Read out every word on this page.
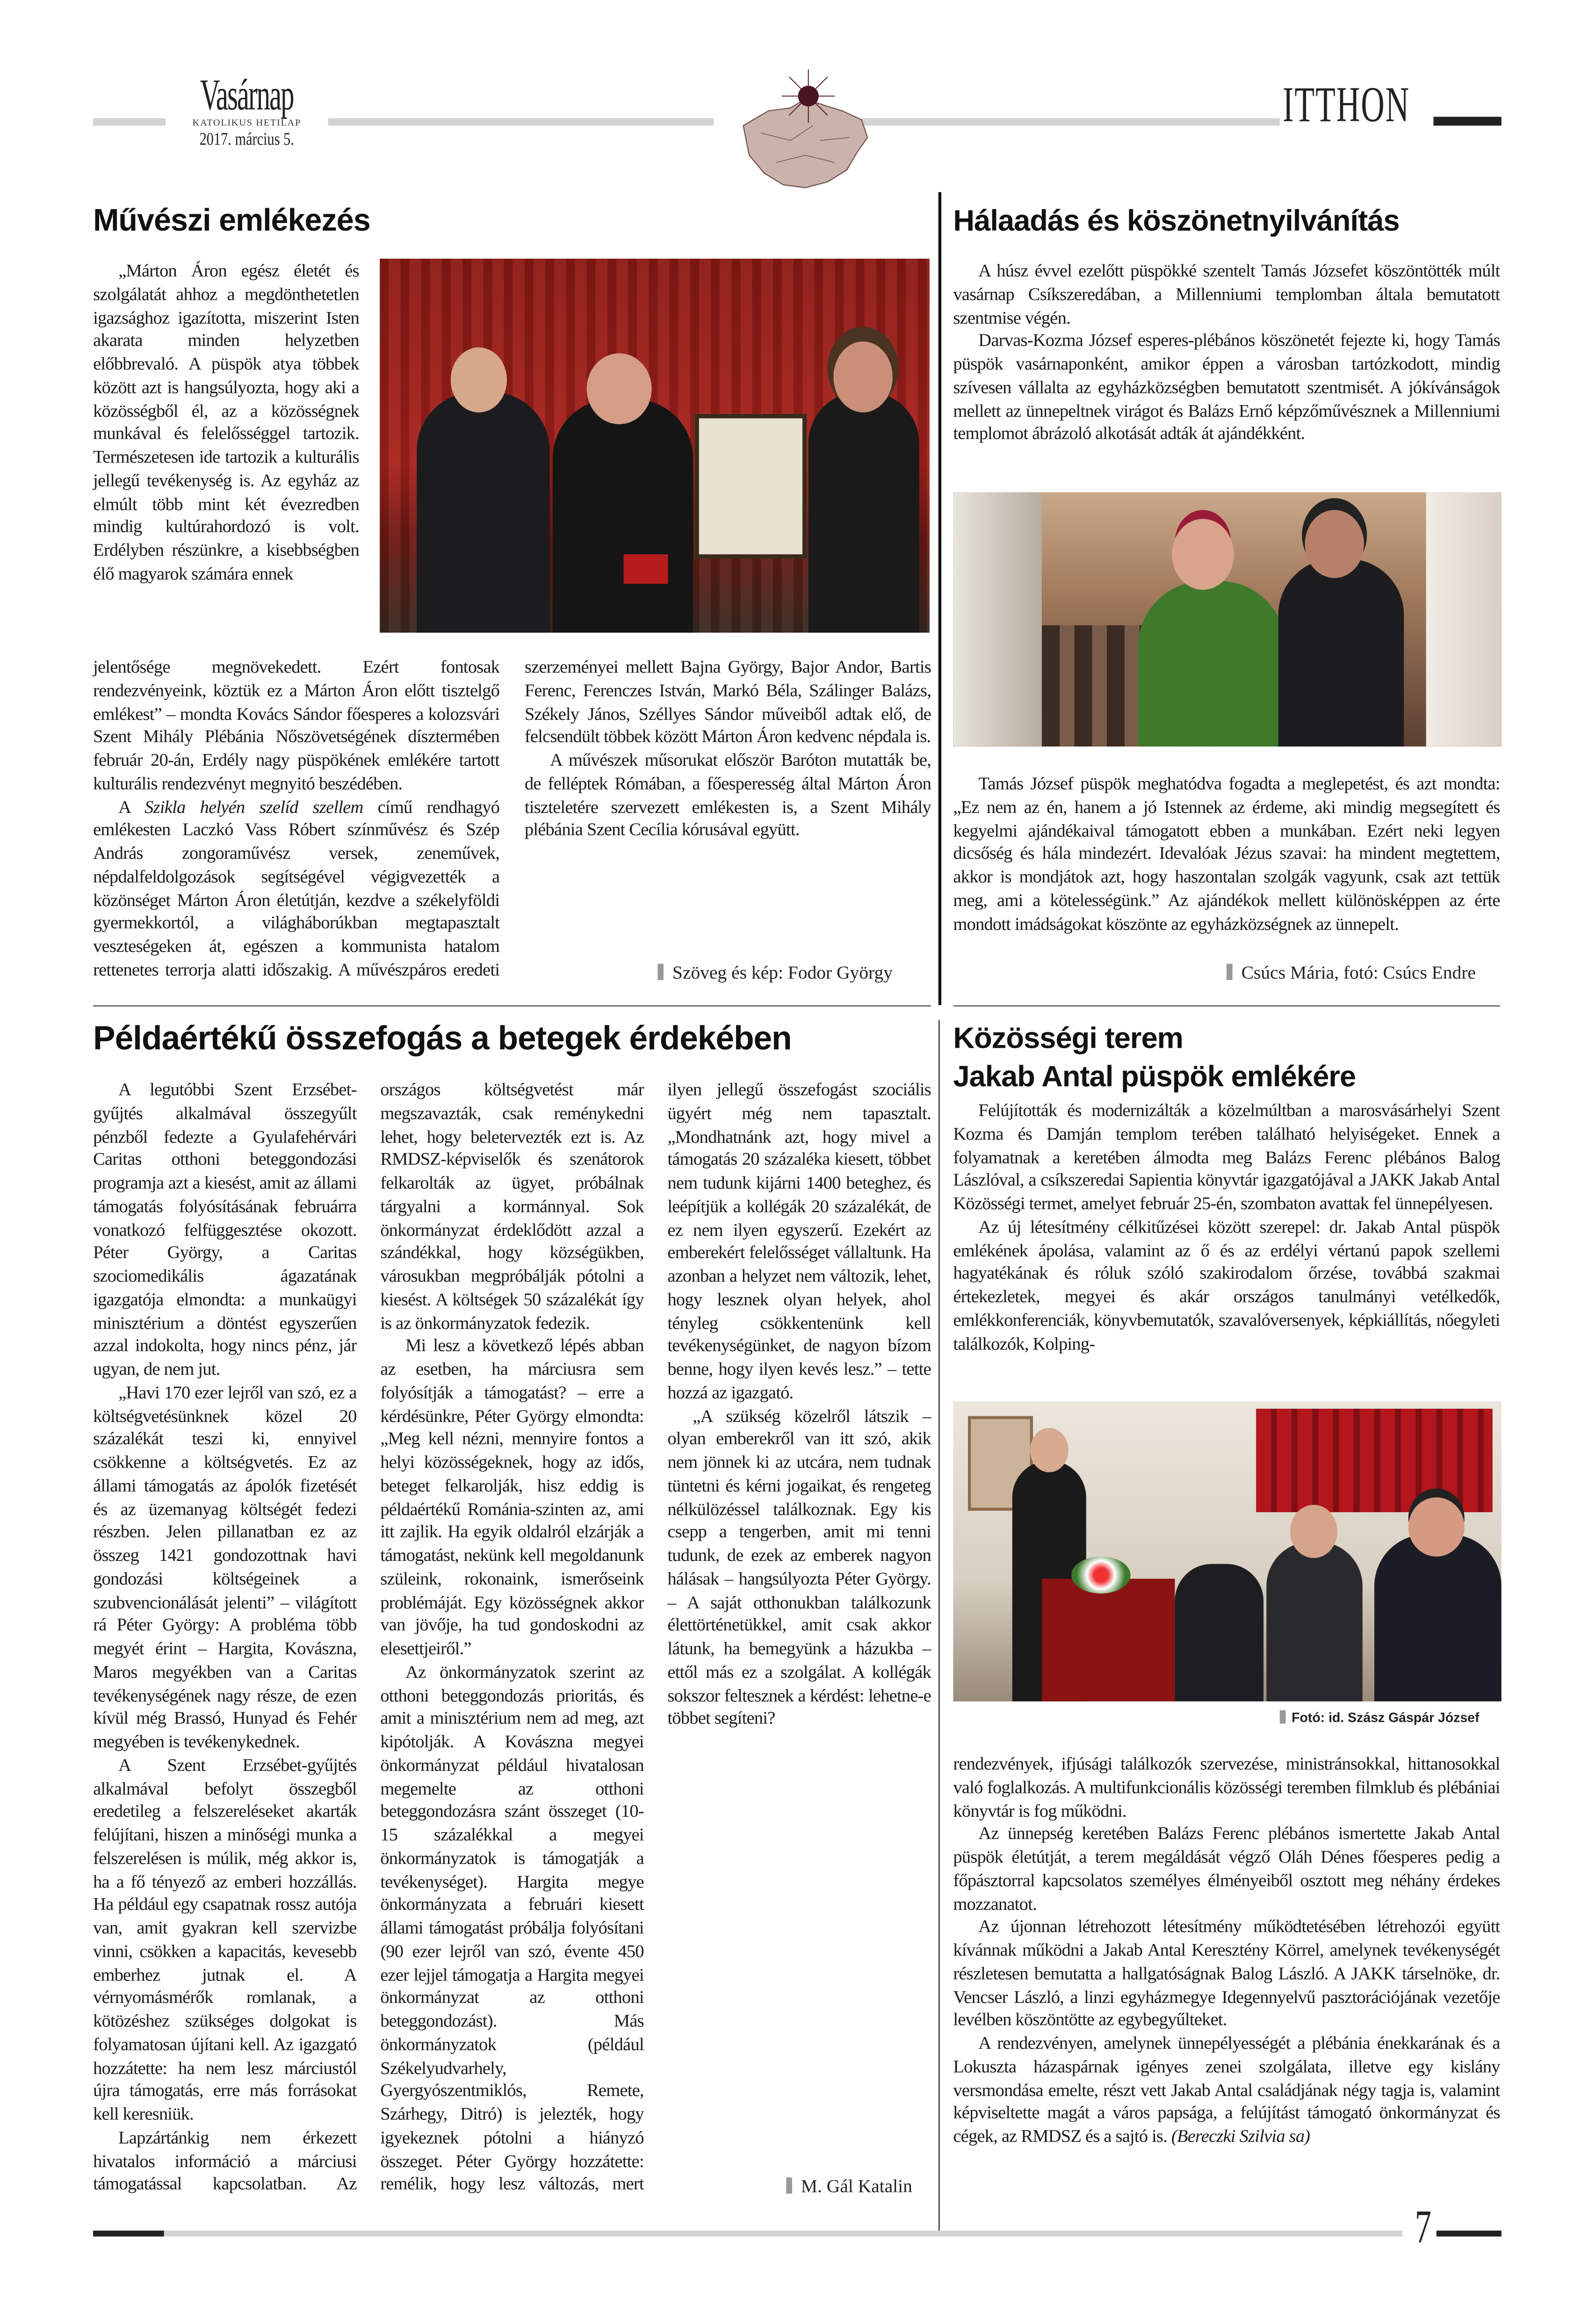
Vasárnap
KATOLIKUS HETILAP
2017. március 5.
ITTHON
Művészi emlékezés

„Márton Áron egész életét és szolgálatát ahhoz a megdönthetetlen igazsághoz igazította, miszerint Isten akarata minden helyzetben előbbrevaló. A püspök atya többek között azt is hangsúlyozta, hogy aki a közösségből él, az a közösségnek munkával és felelősséggel tartozik. Természetesen ide tartozik a kulturális jellegű tevékenység is. Az egyház az elmúlt több mint két évezredben mindig kultúrahordozó is volt. Erdélyben részünkre, a kisebbségben élő magyarok számára ennek

jelentősége megnövekedett. Ezért fontosak rendezvényeink, köztük ez a Márton Áron előtt tisztelgő emlékest” – mondta Kovács Sándor főesperes a kolozsvári Szent Mihály Plébánia Nőszövetségének dísztermében február 20-án, Erdély nagy püspökének emlékére tartott kulturális rendezvényt megnyitó beszédében.

A Szikla helyén szelíd szellem című rendhagyó emlékesten Laczkó Vass Róbert színművész és Szép András zongoraművész versek, zeneművek, népdalfeldolgozások segítségével végigvezették a közönséget Márton Áron életútján, kezdve a székelyföldi gyermekkortól, a világháborúkban megtapasztalt veszteségeken át, egészen a kommunista hatalom rettenetes terrorja alatti időszakig. A művészpáros eredeti szerzeményei mellett Bajna György, Bajor Andor, Bartis Ferenc, Ferenczes István, Markó Béla, Szálinger Balázs, Székely János, Széllyes Sándor műveiből adtak elő, de felcsendült többek között Márton Áron kedvenc népdala is.

A művészek műsorukat először Baróton mutatták be, de felléptek Rómában, a főesperesség által Márton Áron tiszteletére szervezett emlékesten is, a Szent Mihály plébánia Szent Cecília kórusával együtt.

Szöveg és kép: Fodor György
Hálaadás és köszönetnyilvánítás

A húsz évvel ezelőtt püspökké szentelt Tamás Józsefet köszöntötték múlt vasárnap Csíkszeredában, a Millenniumi templomban általa bemutatott szentmise végén.

Darvas-Kozma József esperes-plébános köszönetét fejezte ki, hogy Tamás püspök vasárnaponként, amikor éppen a városban tartózkodott, mindig szívesen vállalta az egyházközségben bemutatott szentmisét. A jókívánságok mellett az ünnepeltnek virágot és Balázs Ernő képzőművésznek a Millenniumi templomot ábrázoló alkotását adták át ajándékként.

Tamás József püspök meghatódva fogadta a meglepetést, és azt mondta: „Ez nem az én, hanem a jó Istennek az érdeme, aki mindig megsegített és kegyelmi ajándékaival támogatott ebben a munkában. Ezért neki legyen dicsőség és hála mindezért. Idevalóak Jézus szavai: ha mindent megtettem, akkor is mondjátok azt, hogy haszontalan szolgák vagyunk, csak azt tettük meg, ami a kötelességünk.” Az ajándékok mellett különösképpen az érte mondott imádságokat köszönte az egyházközségnek az ünnepelt.

Csúcs Mária, fotó: Csúcs Endre
Példaértékű összefogás a betegek érdekében

A legutóbbi Szent Erzsébet-gyűjtés alkalmával összegyűlt pénzből fedezte a Gyulafehérvári Caritas otthoni beteggondozási programja azt a kiesést, amit az állami támogatás folyósításának februárra vonatkozó felfüggesztése okozott. Péter György, a Caritas szociomedikális ágazatának igazgatója elmondta: a munkaügyi minisztérium a döntést egyszerűen azzal indokolta, hogy nincs pénz, jár ugyan, de nem jut.

„Havi 170 ezer lejről van szó, ez a költségvetésünknek közel 20 százalékát teszi ki, ennyivel csökkenne a költségvetés. Ez az állami támogatás az ápolók fizetését és az üzemanyag költségét fedezi részben. Jelen pillanatban ez az összeg 1421 gondozottnak havi gondozási költségeinek a szubvencionálását jelenti” – világított rá Péter György: A probléma több megyét érint – Hargita, Kovászna, Maros megyékben van a Caritas tevékenységének nagy része, de ezen kívül még Brassó, Hunyad és Fehér megyében is tevékenykednek.

A Szent Erzsébet-gyűjtés alkalmával befolyt összegből eredetileg a felszereléseket akarták felújítani, hiszen a minőségi munka a felszerelésen is múlik, még akkor is, ha a fő tényező az emberi hozzállás. Ha például egy csapatnak rossz autója van, amit gyakran kell szervizbe vinni, csökken a kapacitás, kevesebb emberhez jutnak el. A vérnyomásmérők romlanak, a kötözéshez szükséges dolgokat is folyamatosan újítani kell. Az igazgató hozzátette: ha nem lesz márciustól újra támogatás, erre más forrásokat kell keresniük.

Lapzártánkig nem érkezett hivatalos információ a márciusi támogatással kapcsolatban. Az országos költségvetést már megszavazták, csak reménykedni lehet, hogy beletervezték ezt is. Az RMDSZ-képviselők és szenátorok felkarolták az ügyet, próbálnak tárgyalni a kormánnyal. Sok önkormányzat érdeklődött azzal a szándékkal, hogy községükben, városukban megpróbálják pótolni a kiesést. A költségek 50 százalékát így is az önkormányzatok fedezik.

Mi lesz a következő lépés abban az esetben, ha márciusra sem folyósítják a támogatást? – erre a kérdésünkre, Péter György elmondta: „Meg kell nézni, mennyire fontos a helyi közösségeknek, hogy az idős, beteget felkarolják, hisz eddig is példaértékű Románia-szinten az, ami itt zajlik. Ha egyik oldalról elzárják a támogatást, nekünk kell megoldanunk szüleink, rokonaink, ismerőseink problémáját. Egy közösségnek akkor van jövője, ha tud gondoskodni az elesettjeiről.”

Az önkormányzatok szerint az otthoni beteggondozás prioritás, és amit a minisztérium nem ad meg, azt kipótolják. A Kovászna megyei önkormányzat például hivatalosan megemelte az otthoni beteggondozásra szánt összeget (10-15 százalékkal a megyei önkormányzatok is támogatják a tevékenységet). Hargita megye önkormányzata a februári kiesett állami támogatást próbálja folyósítani (90 ezer lejről van szó, évente 450 ezer lejjel támogatja a Hargita megyei önkormányzat az otthoni beteggondozást). Más önkormányzatok (például Székelyudvarhely, Gyergyószentmiklós, Remete, Szárhegy, Ditró) is jelezték, hogy igyekeznek pótolni a hiányzó összeget. Péter György hozzátette: remélik, hogy lesz változás, mert ilyen jellegű összefogást szociális ügyért még nem tapasztalt. „Mondhatnánk azt, hogy mivel a támogatás 20 százaléka kiesett, többet nem tudunk kijárni 1400 beteghez, és leépítjük a kollégák 20 százalékát, de ez nem ilyen egyszerű. Ezekért az emberekért felelősséget vállaltunk. Ha azonban a helyzet nem változik, lehet, hogy lesznek olyan helyek, ahol tényleg csökkentenünk kell tevékenységünket, de nagyon bízom benne, hogy ilyen kevés lesz.” – tette hozzá az igazgató.

„A szükség közelről látszik – olyan emberekről van itt szó, akik nem jönnek ki az utcára, nem tudnak tüntetni és kérni jogaikat, és rengeteg nélkülözéssel találkoznak. Egy kis csepp a tengerben, amit mi tenni tudunk, de ezek az emberek nagyon hálásak – hangsúlyozta Péter György. – A saját otthonukban találkozunk élettörténetükkel, amit csak akkor látunk, ha bemegyünk a házukba – ettől más ez a szolgálat. A kollégák sokszor feltesznek a kérdést: lehetne-e többet segíteni?

M. Gál Katalin
Közösségi terem
Jakab Antal püspök emlékére

Felújították és modernizálták a közelmúltban a marosvásárhelyi Szent Kozma és Damján templom terében található helyiségeket. Ennek a folyamatnak a keretében álmodta meg Balázs Ferenc plébános Balog Lászlóval, a csíkszeredai Sapientia könyvtár igazgatójával a JAKK Jakab Antal Közösségi termet, amelyet február 25-én, szombaton avattak fel ünnepélyesen.

Az új létesítmény célkitűzései között szerepel: dr. Jakab Antal püspök emlékének ápolása, valamint az ő és az erdélyi vértanú papok szellemi hagyatékának és róluk szóló szakirodalom őrzése, továbbá szakmai értekezletek, megyei és akár országos tanulmányi vetélkedők, emlékkonferenciák, könyvbemutatók, szavalóversenyek, képkiállítás, nőegyleti találkozók, Kolping-

Fotó: id. Szász Gáspár József

rendezvények, ifjúsági találkozók szervezése, ministránsokkal, hittanosokkal való foglalkozás. A multifunkcionális közösségi teremben filmklub és plébániai könyvtár is fog működni.

Az ünnepség keretében Balázs Ferenc plébános ismertette Jakab Antal püspök életútját, a terem megáldását végző Oláh Dénes főesperes pedig a főpásztorral kapcsolatos személyes élményeiből osztott meg néhány érdekes mozzanatot.

Az újonnan létrehozott létesítmény működtetésében létrehozói együtt kívánnak működni a Jakab Antal Keresztény Körrel, amelynek tevékenységét részletesen bemutatta a hallgatóságnak Balog László. A JAKK társelnöke, dr. Vencser László, a linzi egyházmegye Idegennyelvű pasztorációjának vezetője levélben köszöntötte az egybegyűlteket.

A rendezvényen, amelynek ünnepélyességét a plébánia énekkarának és a Lokuszta házaspárnak igényes zenei szolgálata, illetve egy kislány versmondása emelte, részt vett Jakab Antal családjának négy tagja is, valamint képviseltette magát a város papsága, a felújítást támogató önkormányzat és cégek, az RMDSZ és a sajtó is. (Bereczki Szilvia sa)

7
